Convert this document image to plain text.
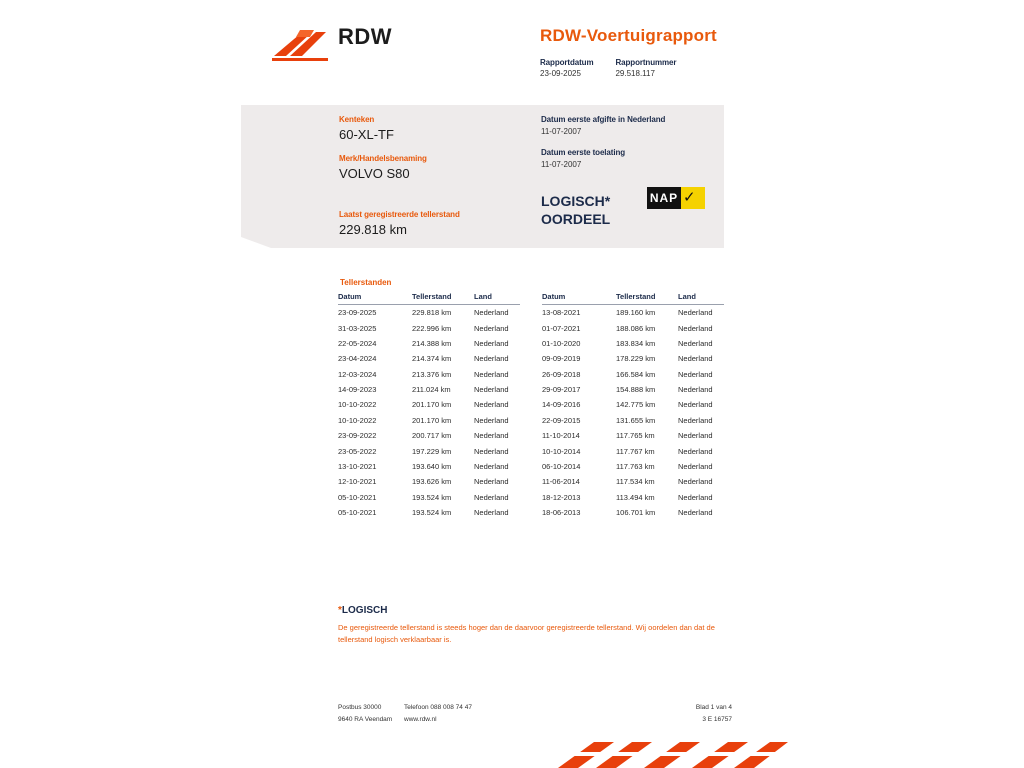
RDW	RDW-Voertuigrapport
Rapportdatum
23-09-2025
Rapportnummer
29.518.117
Kenteken
60-XL-TF
Merk/Handelsbenaming
VOLVO S80
Datum eerste afgifte in Nederland
11-07-2007
Datum eerste toelating
11-07-2007
LOGISCH*
OORDEEL
NAP ✓
Laatst geregistreerde tellerstand
229.818 km
Tellerstanden
Datum	Tellerstand	Land
23-09-2025	229.818 km	Nederland
31-03-2025	222.996 km	Nederland
22-05-2024	214.388 km	Nederland
23-04-2024	214.374 km	Nederland
12-03-2024	213.376 km	Nederland
14-09-2023	211.024 km	Nederland
10-10-2022	201.170 km	Nederland
10-10-2022	201.170 km	Nederland
23-09-2022	200.717 km	Nederland
23-05-2022	197.229 km	Nederland
13-10-2021	193.640 km	Nederland
12-10-2021	193.626 km	Nederland
05-10-2021	193.524 km	Nederland
05-10-2021	193.524 km	Nederland
Datum	Tellerstand	Land
13-08-2021	189.160 km	Nederland
01-07-2021	188.086 km	Nederland
01-10-2020	183.834 km	Nederland
09-09-2019	178.229 km	Nederland
26-09-2018	166.584 km	Nederland
29-09-2017	154.888 km	Nederland
14-09-2016	142.775 km	Nederland
22-09-2015	131.655 km	Nederland
11-10-2014	117.765 km	Nederland
10-10-2014	117.767 km	Nederland
06-10-2014	117.763 km	Nederland
11-06-2014	117.534 km	Nederland
18-12-2013	113.494 km	Nederland
18-06-2013	106.701 km	Nederland
*LOGISCH
De geregistreerde tellerstand is steeds hoger dan de daarvoor geregistreerde tellerstand. Wij oordelen dan dat de tellerstand logisch verklaarbaar is.
Postbus 30000	Telefoon 088 008 74 47	Blad 1 van 4
9640 RA Veendam	www.rdw.nl	3 E 16757
